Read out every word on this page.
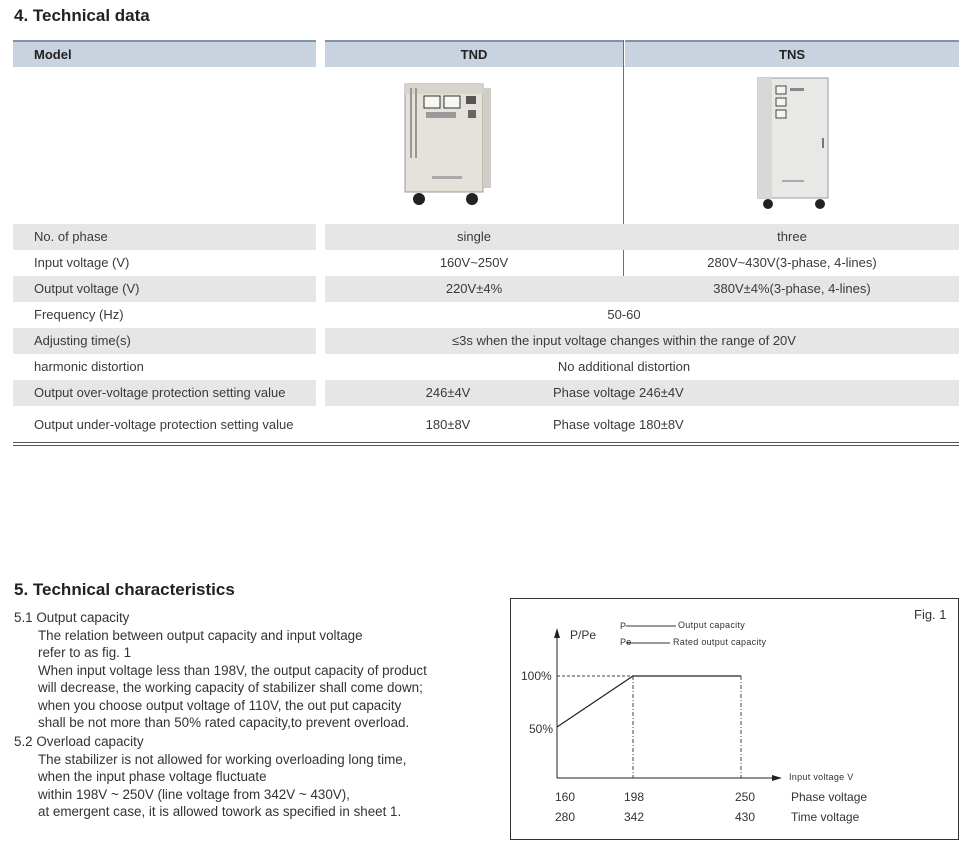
4. Technical data
Model	TND	TNS
No. of phase	single	three
Input voltage (V)	160V~250V	280V~430V(3-phase, 4-lines)
Output voltage (V)	220V±4%	380V±4%(3-phase, 4-lines)
Frequency (Hz)	50-60
Adjusting time(s)	≤3s when the input voltage changes within the range of 20V
harmonic distortion	No additional distortion
Output over-voltage protection setting value	246±4V	Phase voltage 246±4V
Output under-voltage protection setting value	180±8V	Phase voltage 180±8V
5. Technical characteristics
5.1 Output capacity
The relation between output capacity and input voltage
refer to as fig. 1
When input voltage less than 198V, the output capacity of product
will decrease, the working capacity of stabilizer shall come down;
when you choose output voltage of 110V, the out put capacity
shall be not more than 50% rated capacity,to prevent overload.
5.2 Overload capacity
The stabilizer is not allowed for working overloading long time,
when the input phase voltage fluctuate
within 198V ~ 250V (line voltage from 342V ~ 430V),
at emergent case, it is allowed towork as specified in sheet 1.
Fig. 1
P/Pe
P	Output capacity
Pe	Rated output capacity
100%
50%
Input voltage V
160	198	250	Phase voltage
280	342	430	Time voltage
